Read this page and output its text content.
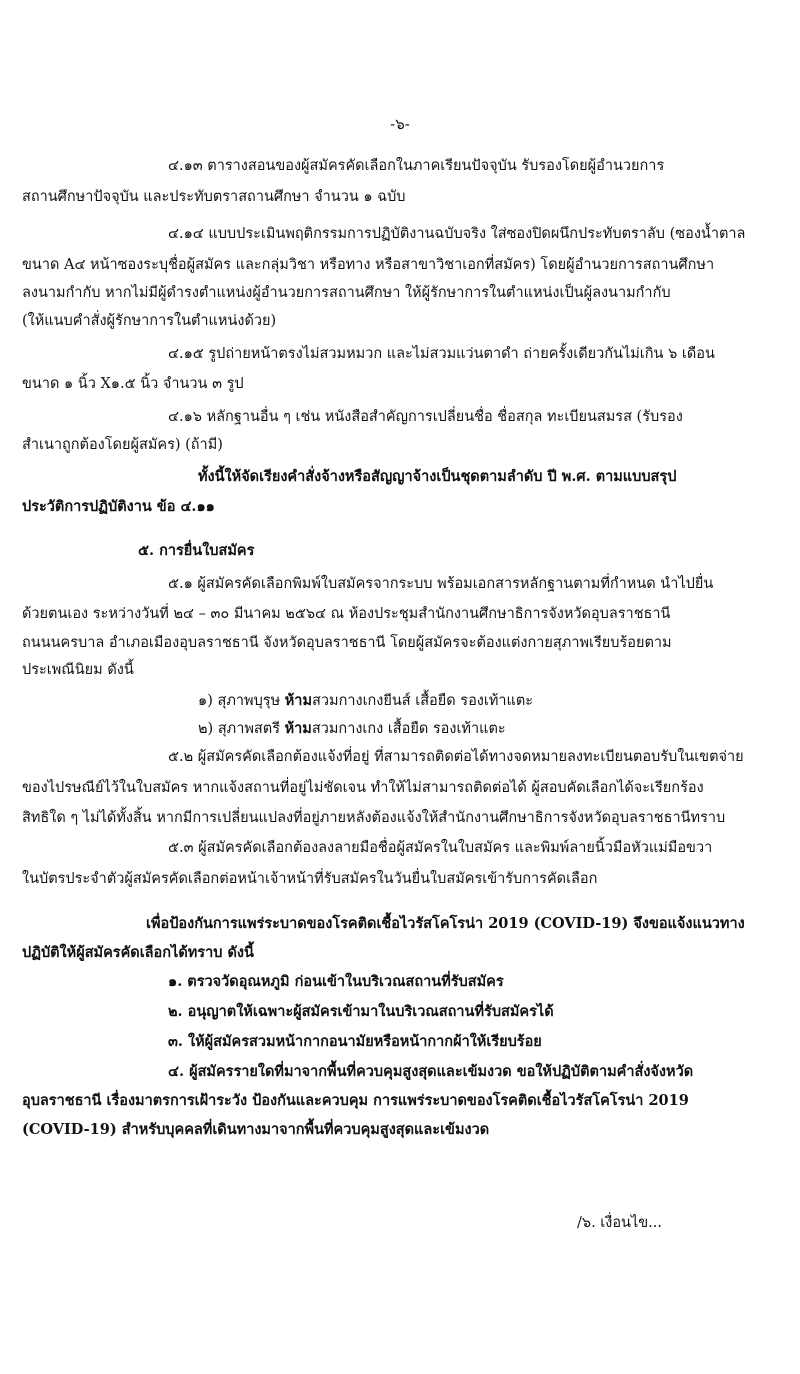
-๖-
๔.๑๓ ตารางสอนของผู้สมัครคัดเลือกในภาคเรียนปัจจุบัน รับรองโดยผู้อำนวยการ
สถานศึกษาปัจจุบัน และประทับตราสถานศึกษา จำนวน ๑ ฉบับ
๔.๑๔ แบบประเมินพฤติกรรมการปฏิบัติงานฉบับจริง ใส่ซองปิดผนึกประทับตราลับ (ซองน้ำตาล
ขนาด A๔ หน้าซองระบุชื่อผู้สมัคร และกลุ่มวิชา หรือทาง หรือสาขาวิชาเอกที่สมัคร) โดยผู้อำนวยการสถานศึกษา
ลงนามกำกับ หากไม่มีผู้ดำรงตำแหน่งผู้อำนวยการสถานศึกษา ให้ผู้รักษาการในตำแหน่งเป็นผู้ลงนามกำกับ
(ให้แนบคำสั่งผู้รักษาการในตำแหน่งด้วย)
๔.๑๕ รูปถ่ายหน้าตรงไม่สวมหมวก และไม่สวมแว่นตาดำ ถ่ายครั้งเดียวกันไม่เกิน ๖ เดือน
ขนาด ๑ นิ้ว X๑.๕ นิ้ว จำนวน ๓ รูป
๔.๑๖ หลักฐานอื่น ๆ เช่น หนังสือสำคัญการเปลี่ยนชื่อ ชื่อสกุล ทะเบียนสมรส (รับรอง
สำเนาถูกต้องโดยผู้สมัคร) (ถ้ามี)
ทั้งนี้ให้จัดเรียงคำสั่งจ้างหรือสัญญาจ้างเป็นชุดตามลำดับ ปี พ.ศ. ตามแบบสรุป
ประวัติการปฏิบัติงาน ข้อ ๔.๑๑
๕. การยื่นใบสมัคร
๕.๑ ผู้สมัครคัดเลือกพิมพ์ใบสมัครจากระบบ พร้อมเอกสารหลักฐานตามที่กำหนด นำไปยื่น
ด้วยตนเอง ระหว่างวันที่ ๒๔ – ๓๐ มีนาคม ๒๕๖๔ ณ ห้องประชุมสำนักงานศึกษาธิการจังหวัดอุบลราชธานี
ถนนนครบาล อำเภอเมืองอุบลราชธานี จังหวัดอุบลราชธานี โดยผู้สมัครจะต้องแต่งกายสุภาพเรียบร้อยตาม
ประเพณีนิยม ดังนี้
๑) สุภาพบุรุษ ห้ามสวมกางเกงยีนส์ เสื้อยืด รองเท้าแตะ
๒) สุภาพสตรี ห้ามสวมกางเกง เสื้อยืด รองเท้าแตะ
๕.๒ ผู้สมัครคัดเลือกต้องแจ้งที่อยู่ ที่สามารถติดต่อได้ทางจดหมายลงทะเบียนตอบรับในเขตจ่าย
ของไปรษณีย์ไว้ในใบสมัคร หากแจ้งสถานที่อยู่ไม่ชัดเจน ทำให้ไม่สามารถติดต่อได้ ผู้สอบคัดเลือกได้จะเรียกร้อง
สิทธิใด ๆ ไม่ได้ทั้งสิ้น หากมีการเปลี่ยนแปลงที่อยู่ภายหลังต้องแจ้งให้สำนักงานศึกษาธิการจังหวัดอุบลราชธานีทราบ
๕.๓ ผู้สมัครคัดเลือกต้องลงลายมือชื่อผู้สมัครในใบสมัคร และพิมพ์ลายนิ้วมือหัวแม่มือขวา
ในบัตรประจำตัวผู้สมัครคัดเลือกต่อหน้าเจ้าหน้าที่รับสมัครในวันยื่นใบสมัครเข้ารับการคัดเลือก
เพื่อป้องกันการแพร่ระบาดของโรคติดเชื้อไวรัสโคโรน่า 2019 (COVID-19) จึงขอแจ้งแนวทาง
ปฏิบัติให้ผู้สมัครคัดเลือกได้ทราบ ดังนี้
๑. ตรวจวัดอุณหภูมิ ก่อนเข้าในบริเวณสถานที่รับสมัคร
๒. อนุญาตให้เฉพาะผู้สมัครเข้ามาในบริเวณสถานที่รับสมัครได้
๓. ให้ผู้สมัครสวมหน้ากากอนามัยหรือหน้ากากผ้าให้เรียบร้อย
๔. ผู้สมัครรายใดที่มาจากพื้นที่ควบคุมสูงสุดและเข้มงวด ขอให้ปฏิบัติตามคำสั่งจังหวัด
อุบลราชธานี เรื่องมาตรการเฝ้าระวัง ป้องกันและควบคุม การแพร่ระบาดของโรคติดเชื้อไวรัสโคโรน่า 2019
(COVID-19) สำหรับบุคคลที่เดินทางมาจากพื้นที่ควบคุมสูงสุดและเข้มงวด
/๖. เงื่อนไข...
